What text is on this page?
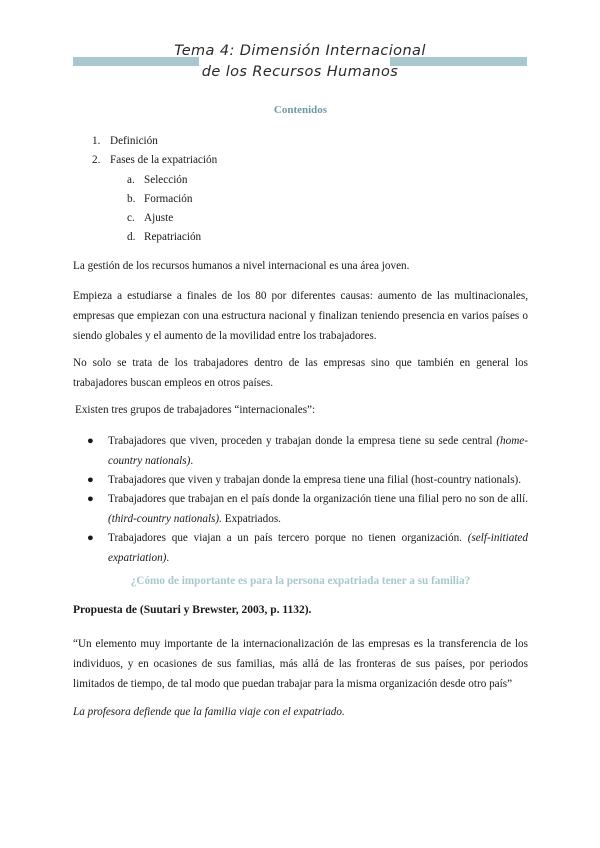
Tema 4: Dimensión Internacional
de los Recursos Humanos
Contenidos
1. Definición
2. Fases de la expatriación
a. Selección
b. Formación
c. Ajuste
d. Repatriación

La gestión de los recursos humanos a nivel internacional es una área joven.

Empieza a estudiarse a finales de los 80 por diferentes causas: aumento de las multinacionales, empresas que empiezan con una estructura nacional y finalizan teniendo presencia en varios países o siendo globales y el aumento de la movilidad entre los trabajadores.

No solo se trata de los trabajadores dentro de las empresas sino que también en general los trabajadores buscan empleos en otros países.

Existen tres grupos de trabajadores “internacionales”:

● Trabajadores que viven, proceden y trabajan donde la empresa tiene su sede central (home-country nationals).
● Trabajadores que viven y trabajan donde la empresa tiene una filial (host-country nationals).
● Trabajadores que trabajan en el país donde la organización tiene una filial pero no son de allí. (third-country nationals). Expatriados.
● Trabajadores que viajan a un país tercero porque no tienen organización. (self-initiated expatriation).
¿Cómo de importante es para la persona expatriada tener a su familia?
Propuesta de (Suutari y Brewster, 2003, p. 1132).

“Un elemento muy importante de la internacionalización de las empresas es la transferencia de los individuos, y en ocasiones de sus familias, más allá de las fronteras de sus países, por periodos limitados de tiempo, de tal modo que puedan trabajar para la misma organización desde otro país”

La profesora defiende que la familia viaje con el expatriado.
